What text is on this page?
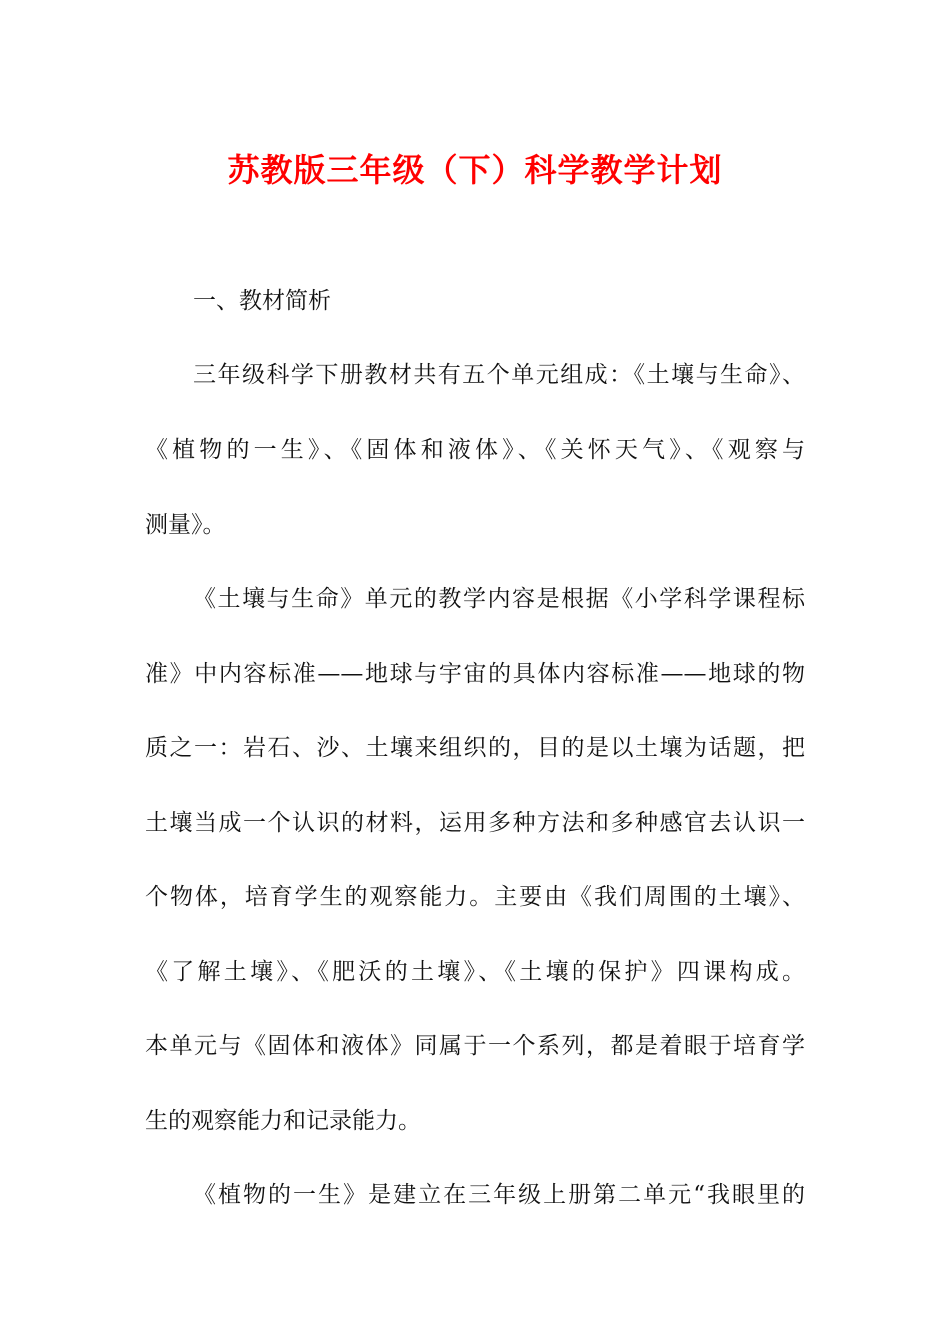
苏教版三年级（下）科学教学计划
一、教材简析
三年级科学下册教材共有五个单元组成：《土壤与生命》、
《植物的一生》、《固体和液体》、《关怀天气》、《观察与
测量》。
《土壤与生命》单元的教学内容是根据《小学科学课程标
准》中内容标准——地球与宇宙的具体内容标准——地球的物
质之一：岩石、沙、土壤来组织的，目的是以土壤为话题，把
土壤当成一个认识的材料，运用多种方法和多种感官去认识一
个物体，培育学生的观察能力。主要由《我们周围的土壤》、
《了解土壤》、《肥沃的土壤》、《土壤的保护》四课构成。
本单元与《固体和液体》同属于一个系列，都是着眼于培育学
生的观察能力和记录能力。
《植物的一生》是建立在三年级上册第二单元“我眼里的
